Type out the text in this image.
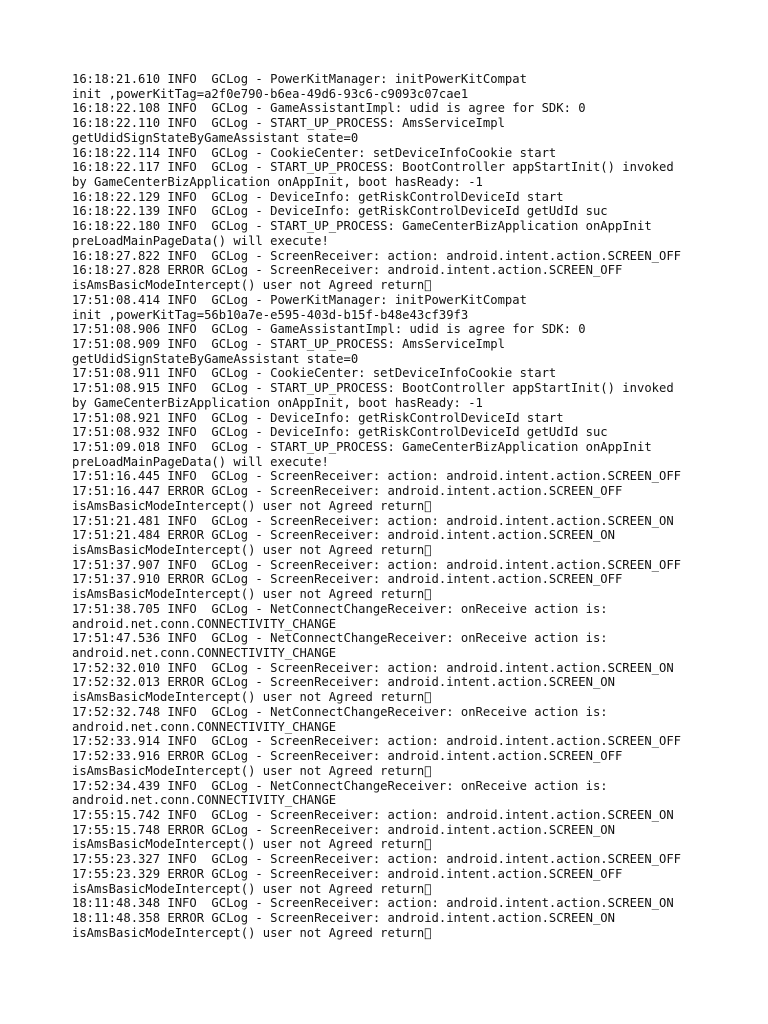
16:18:21.610 INFO  GCLog - PowerKitManager: initPowerKitCompat
init ,powerKitTag=a2f0e790-b6ea-49d6-93c6-c9093c07cae1
16:18:22.108 INFO  GCLog - GameAssistantImpl: udid is agree for SDK: 0
16:18:22.110 INFO  GCLog - START_UP_PROCESS: AmsServiceImpl
getUdidSignStateByGameAssistant state=0
16:18:22.114 INFO  GCLog - CookieCenter: setDeviceInfoCookie start
16:18:22.117 INFO  GCLog - START_UP_PROCESS: BootController appStartInit() invoked
by GameCenterBizApplication onAppInit, boot hasReady: -1
16:18:22.129 INFO  GCLog - DeviceInfo: getRiskControlDeviceId start
16:18:22.139 INFO  GCLog - DeviceInfo: getRiskControlDeviceId getUdId suc
16:18:22.180 INFO  GCLog - START_UP_PROCESS: GameCenterBizApplication onAppInit
preLoadMainPageData() will execute!
16:18:27.822 INFO  GCLog - ScreenReceiver: action: android.intent.action.SCREEN_OFF
16:18:27.828 ERROR GCLog - ScreenReceiver: android.intent.action.SCREEN_OFF
isAmsBasicModeIntercept() user not Agreed return 
17:51:08.414 INFO  GCLog - PowerKitManager: initPowerKitCompat
init ,powerKitTag=56b10a7e-e595-403d-b15f-b48e43cf39f3
17:51:08.906 INFO  GCLog - GameAssistantImpl: udid is agree for SDK: 0
17:51:08.909 INFO  GCLog - START_UP_PROCESS: AmsServiceImpl
getUdidSignStateByGameAssistant state=0
17:51:08.911 INFO  GCLog - CookieCenter: setDeviceInfoCookie start
17:51:08.915 INFO  GCLog - START_UP_PROCESS: BootController appStartInit() invoked
by GameCenterBizApplication onAppInit, boot hasReady: -1
17:51:08.921 INFO  GCLog - DeviceInfo: getRiskControlDeviceId start
17:51:08.932 INFO  GCLog - DeviceInfo: getRiskControlDeviceId getUdId suc
17:51:09.018 INFO  GCLog - START_UP_PROCESS: GameCenterBizApplication onAppInit
preLoadMainPageData() will execute!
17:51:16.445 INFO  GCLog - ScreenReceiver: action: android.intent.action.SCREEN_OFF
17:51:16.447 ERROR GCLog - ScreenReceiver: android.intent.action.SCREEN_OFF
isAmsBasicModeIntercept() user not Agreed return 
17:51:21.481 INFO  GCLog - ScreenReceiver: action: android.intent.action.SCREEN_ON
17:51:21.484 ERROR GCLog - ScreenReceiver: android.intent.action.SCREEN_ON
isAmsBasicModeIntercept() user not Agreed return 
17:51:37.907 INFO  GCLog - ScreenReceiver: action: android.intent.action.SCREEN_OFF
17:51:37.910 ERROR GCLog - ScreenReceiver: android.intent.action.SCREEN_OFF
isAmsBasicModeIntercept() user not Agreed return 
17:51:38.705 INFO  GCLog - NetConnectChangeReceiver: onReceive action is:
android.net.conn.CONNECTIVITY_CHANGE
17:51:47.536 INFO  GCLog - NetConnectChangeReceiver: onReceive action is:
android.net.conn.CONNECTIVITY_CHANGE
17:52:32.010 INFO  GCLog - ScreenReceiver: action: android.intent.action.SCREEN_ON
17:52:32.013 ERROR GCLog - ScreenReceiver: android.intent.action.SCREEN_ON
isAmsBasicModeIntercept() user not Agreed return 
17:52:32.748 INFO  GCLog - NetConnectChangeReceiver: onReceive action is:
android.net.conn.CONNECTIVITY_CHANGE
17:52:33.914 INFO  GCLog - ScreenReceiver: action: android.intent.action.SCREEN_OFF
17:52:33.916 ERROR GCLog - ScreenReceiver: android.intent.action.SCREEN_OFF
isAmsBasicModeIntercept() user not Agreed return 
17:52:34.439 INFO  GCLog - NetConnectChangeReceiver: onReceive action is:
android.net.conn.CONNECTIVITY_CHANGE
17:55:15.742 INFO  GCLog - ScreenReceiver: action: android.intent.action.SCREEN_ON
17:55:15.748 ERROR GCLog - ScreenReceiver: android.intent.action.SCREEN_ON
isAmsBasicModeIntercept() user not Agreed return 
17:55:23.327 INFO  GCLog - ScreenReceiver: action: android.intent.action.SCREEN_OFF
17:55:23.329 ERROR GCLog - ScreenReceiver: android.intent.action.SCREEN_OFF
isAmsBasicModeIntercept() user not Agreed return 
18:11:48.348 INFO  GCLog - ScreenReceiver: action: android.intent.action.SCREEN_ON
18:11:48.358 ERROR GCLog - ScreenReceiver: android.intent.action.SCREEN_ON
isAmsBasicModeIntercept() user not Agreed return 
